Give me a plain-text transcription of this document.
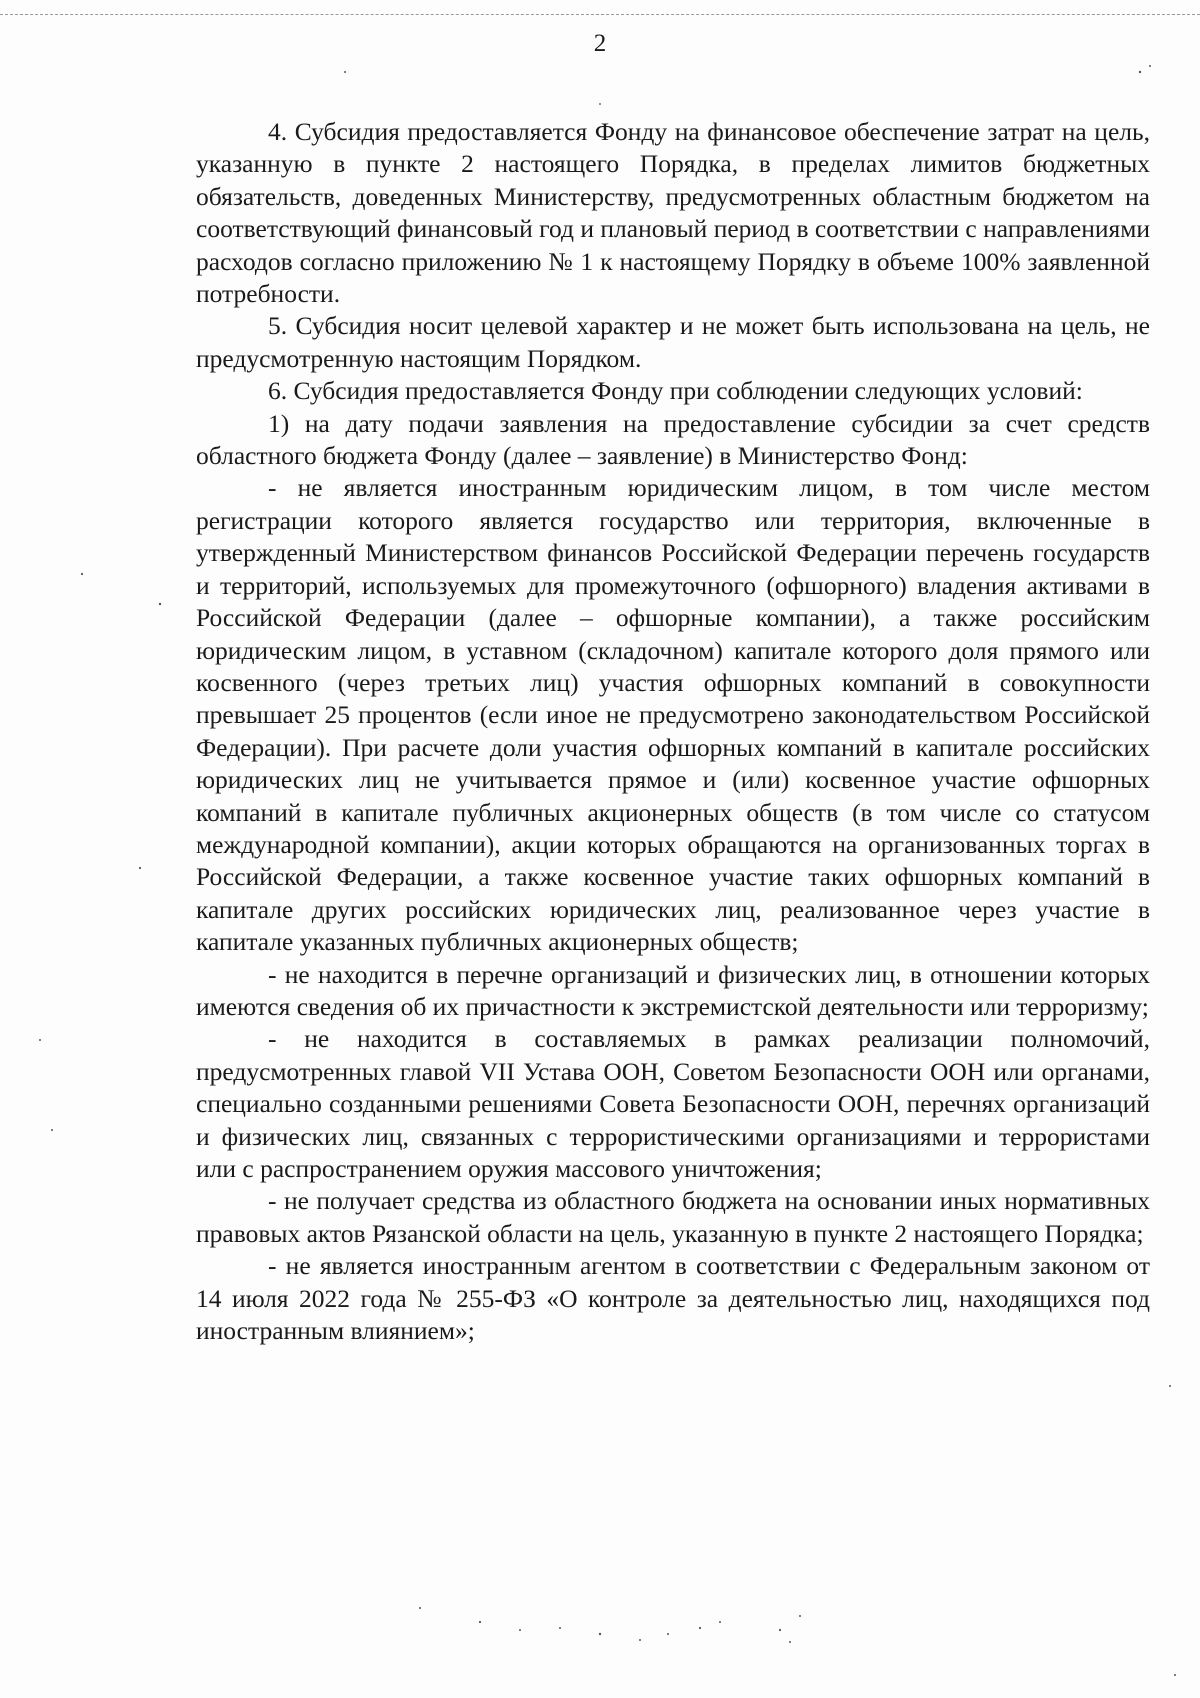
2

4. Субсидия предоставляется Фонду на финансовое обеспечение затрат на цель, указанную в пункте 2 настоящего Порядка, в пределах лимитов бюджетных обязательств, доведенных Министерству, предусмотренных областным бюджетом на соответствующий финансовый год и плановый период в соответствии с направлениями расходов согласно приложению № 1 к настоящему Порядку в объеме 100% заявленной потребности.

5. Субсидия носит целевой характер и не может быть использована на цель, не предусмотренную настоящим Порядком.

6. Субсидия предоставляется Фонду при соблюдении следующих условий:

1) на дату подачи заявления на предоставление субсидии за счет средств областного бюджета Фонду (далее – заявление) в Министерство Фонд:

- не является иностранным юридическим лицом, в том числе местом регистрации которого является государство или территория, включенные в утвержденный Министерством финансов Российской Федерации перечень государств и территорий, используемых для промежуточного (офшорного) владения активами в Российской Федерации (далее – офшорные компании), а также российским юридическим лицом, в уставном (складочном) капитале которого доля прямого или косвенного (через третьих лиц) участия офшорных компаний в совокупности превышает 25 процентов (если иное не предусмотрено законодательством Российской Федерации). При расчете доли участия офшорных компаний в капитале российских юридических лиц не учитывается прямое и (или) косвенное участие офшорных компаний в капитале публичных акционерных обществ (в том числе со статусом международной компании), акции которых обращаются на организованных торгах в Российской Федерации, а также косвенное участие таких офшорных компаний в капитале других российских юридических лиц, реализованное через участие в капитале указанных публичных акционерных обществ;

- не находится в перечне организаций и физических лиц, в отношении которых имеются сведения об их причастности к экстремистской деятельности или терроризму;

- не находится в составляемых в рамках реализации полномочий, предусмотренных главой VII Устава ООН, Советом Безопасности ООН или органами, специально созданными решениями Совета Безопасности ООН, перечнях организаций и физических лиц, связанных с террористическими организациями и террористами или с распространением оружия массового уничтожения;

- не получает средства из областного бюджета на основании иных нормативных правовых актов Рязанской области на цель, указанную в пункте 2 настоящего Порядка;

- не является иностранным агентом в соответствии с Федеральным законом от 14 июля 2022 года № 255-ФЗ «О контроле за деятельностью лиц, находящихся под иностранным влиянием»;
